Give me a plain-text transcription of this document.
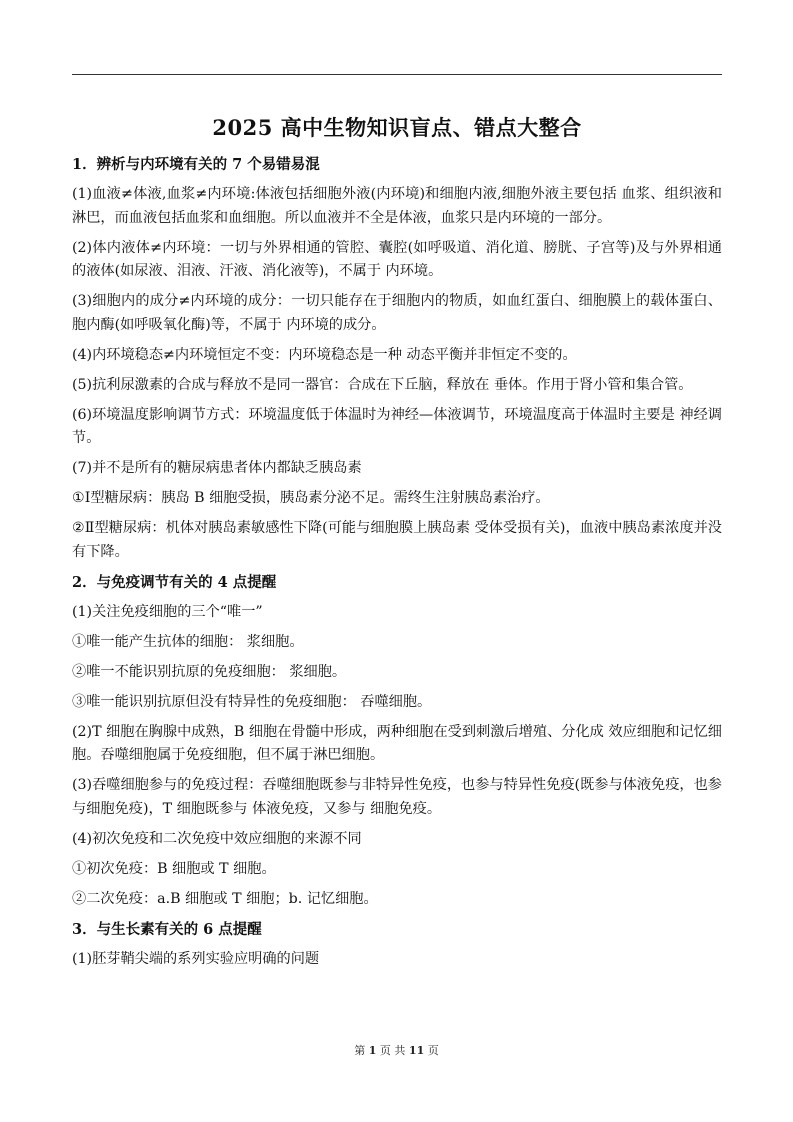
2025 高中生物知识盲点、错点大整合
1．辨析与内环境有关的 7 个易错易混

(1)血液≠体液,血浆≠内环境:体液包括细胞外液(内环境)和细胞内液,细胞外液主要包括 血浆、组织液和淋巴，而血液包括血浆和血细胞。所以血液并不全是体液，血浆只是内环境的一部分。

(2)体内液体≠内环境：一切与外界相通的管腔、囊腔(如呼吸道、消化道、膀胱、子宫等)及与外界相通的液体(如尿液、泪液、汗液、消化液等)，不属于 内环境。

(3)细胞内的成分≠内环境的成分：一切只能存在于细胞内的物质，如血红蛋白、细胞膜上的载体蛋白、胞内酶(如呼吸氧化酶)等，不属于 内环境的成分。

(4)内环境稳态≠内环境恒定不变：内环境稳态是一种 动态平衡并非恒定不变的。

(5)抗利尿激素的合成与释放不是同一器官：合成在下丘脑，释放在 垂体。作用于肾小管和集合管。

(6)环境温度影响调节方式：环境温度低于体温时为神经—体液调节，环境温度高于体温时主要是 神经调节。

(7)并不是所有的糖尿病患者体内都缺乏胰岛素

①Ⅰ型糖尿病：胰岛 B 细胞受损，胰岛素分泌不足。需终生注射胰岛素治疗。

②Ⅱ型糖尿病：机体对胰岛素敏感性下降(可能与细胞膜上胰岛素 受体受损有关)，血液中胰岛素浓度并没有下降。

2．与免疫调节有关的 4 点提醒

(1)关注免疫细胞的三个“唯一”

①唯一能产生抗体的细胞： 浆细胞。

②唯一不能识别抗原的免疫细胞： 浆细胞。

③唯一能识别抗原但没有特异性的免疫细胞： 吞噬细胞。

(2)T 细胞在胸腺中成熟，B 细胞在骨髓中形成，两种细胞在受到刺激后增殖、分化成 效应细胞和记忆细胞。吞噬细胞属于免疫细胞，但不属于淋巴细胞。

(3)吞噬细胞参与的免疫过程：吞噬细胞既参与非特异性免疫，也参与特异性免疫(既参与体液免疫，也参与细胞免疫)，T 细胞既参与 体液免疫，又参与 细胞免疫。

(4)初次免疫和二次免疫中效应细胞的来源不同

①初次免疫：B 细胞或 T 细胞。

②二次免疫：a.B 细胞或 T 细胞；b. 记忆细胞。

3．与生长素有关的 6 点提醒

(1)胚芽鞘尖端的系列实验应明确的问题

第 1 页 共 11 页
